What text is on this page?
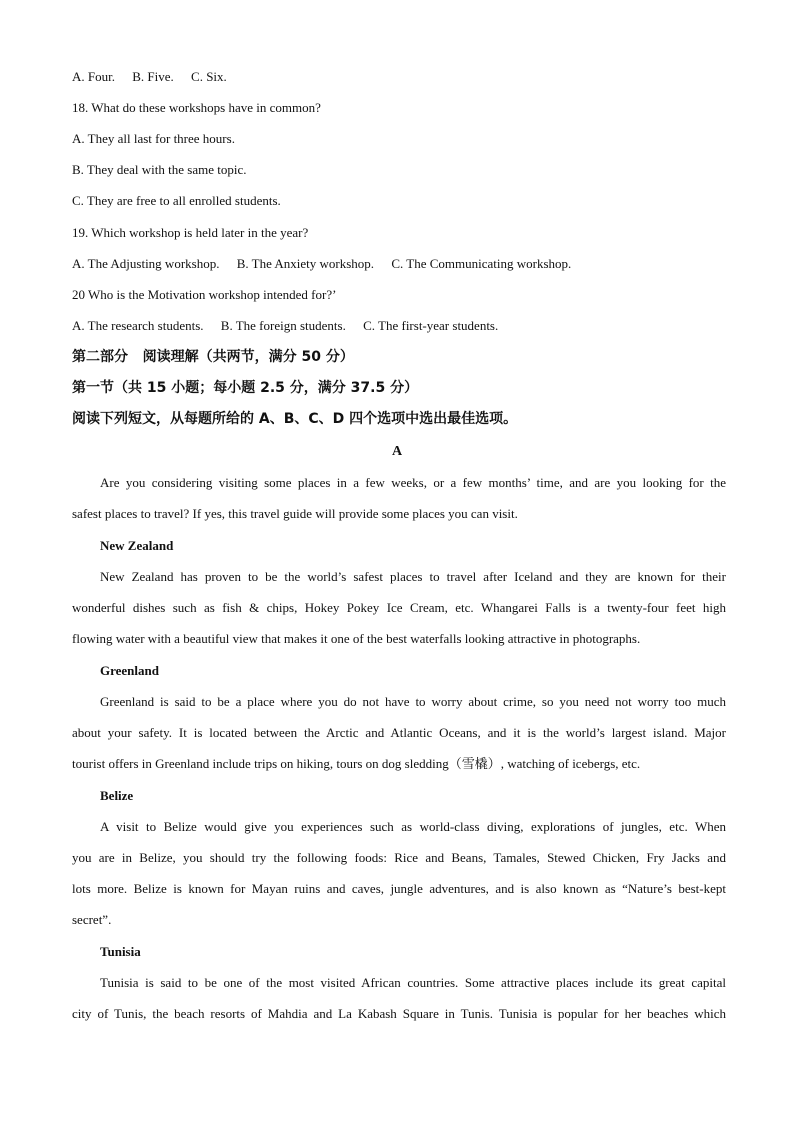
A. Four. B. Five. C. Six.
18. What do these workshops have in common?
A. They all last for three hours.
B. They deal with the same topic.
C. They are free to all enrolled students.
19. Which workshop is held later in the year?
A. The Adjusting workshop. B. The Anxiety workshop. C. The Communicating workshop.
20 Who is the Motivation workshop intended for?’
A. The research students. B. The foreign students. C. The first-year students.
第二部分   阅读理解（共两节，满分 50 分）
第一节（共 15 小题；每小题 2.5 分，满分 37.5 分）
阅读下列短文，从每题所给的 A、B、C、D 四个选项中选出最佳选项。
A
Are you considering visiting some places in a few weeks, or a few months’ time, and are you looking for the
safest places to travel? If yes, this travel guide will provide some places you can visit.
New Zealand
New Zealand has proven to be the world’s safest places to travel after Iceland and they are known for their
wonderful dishes such as fish & chips, Hokey Pokey Ice Cream, etc. Whangarei Falls is a twenty-four feet high
flowing water with a beautiful view that makes it one of the best waterfalls looking attractive in photographs.
Greenland
Greenland is said to be a place where you do not have to worry about crime, so you need not worry too much
about your safety. It is located between the Arctic and Atlantic Oceans, and it is the world’s largest island. Major
tourist offers in Greenland include trips on hiking, tours on dog sledding（雪橇）, watching of icebergs, etc.
Belize
A visit to Belize would give you experiences such as world-class diving, explorations of jungles, etc. When
you are in Belize, you should try the following foods: Rice and Beans, Tamales, Stewed Chicken, Fry Jacks and
lots more. Belize is known for Mayan ruins and caves, jungle adventures, and is also known as “Nature’s best-kept
secret”.
Tunisia
Tunisia is said to be one of the most visited African countries. Some attractive places include its great capital
city of Tunis, the beach resorts of Mahdia and La Kabash Square in Tunis. Tunisia is popular for her beaches which
